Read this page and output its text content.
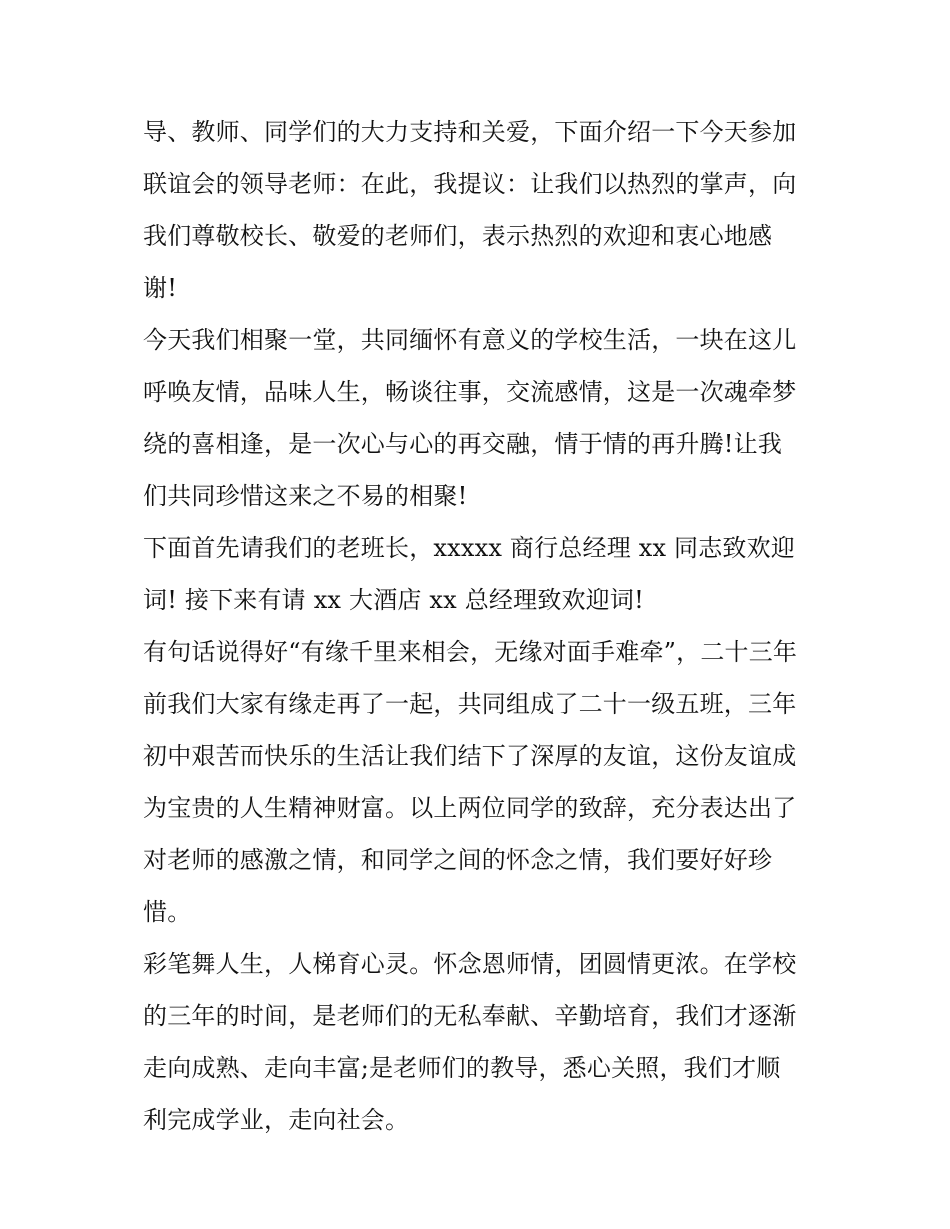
导、教师、同学们的大力支持和关爱，下面介绍一下今天参加
联谊会的领导老师：在此，我提议：让我们以热烈的掌声，向
我们尊敬校长、敬爱的老师们，表示热烈的欢迎和衷心地感
谢!
今天我们相聚一堂，共同缅怀有意义的学校生活，一块在这儿
呼唤友情，品味人生，畅谈往事，交流感情，这是一次魂牵梦
绕的喜相逢，是一次心与心的再交融，情于情的再升腾!让我
们共同珍惜这来之不易的相聚!
下面首先请我们的老班长，xxxxx 商行总经理 xx 同志致欢迎
词! 接下来有请 xx 大酒店 xx 总经理致欢迎词!
有句话说得好“有缘千里来相会，无缘对面手难牵”，二十三年
前我们大家有缘走再了一起，共同组成了二十一级五班，三年
初中艰苦而快乐的生活让我们结下了深厚的友谊，这份友谊成
为宝贵的人生精神财富。以上两位同学的致辞，充分表达出了
对老师的感激之情，和同学之间的怀念之情，我们要好好珍
惜。
彩笔舞人生，人梯育心灵。怀念恩师情，团圆情更浓。在学校
的三年的时间，是老师们的无私奉献、辛勤培育，我们才逐渐
走向成熟、走向丰富;是老师们的教导，悉心关照，我们才顺
利完成学业，走向社会。
